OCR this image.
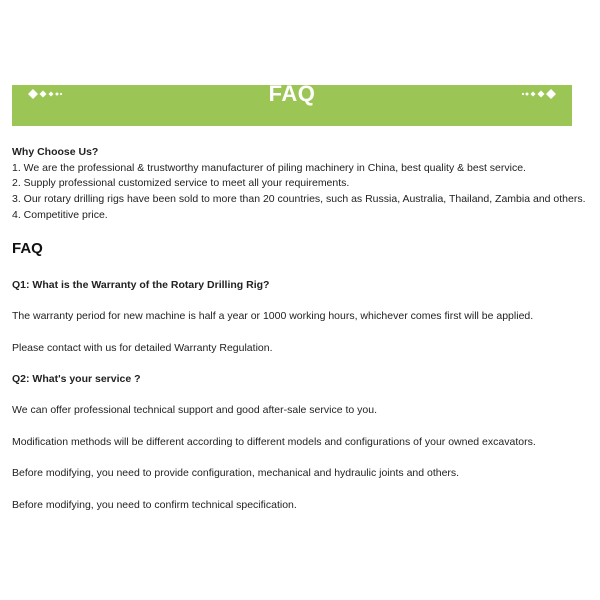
FAQ
Why Choose Us?
1. We are the professional & trustworthy manufacturer of piling machinery in China, best quality & best service.
2. Supply professional customized service to meet all your requirements.
3. Our rotary drilling rigs have been sold to more than 20 countries, such as Russia, Australia, Thailand, Zambia and others.
4. Competitive price.
FAQ
Q1: What is the Warranty of the Rotary Drilling Rig?
The warranty period for new machine is half a year or 1000 working hours, whichever comes first will be applied.
Please contact with us for detailed Warranty Regulation.
Q2: What's your service ?
We can offer professional technical support and good after-sale service to you.
Modification methods will be different according to different models and configurations of your owned excavators.
Before modifying, you need to provide configuration, mechanical and hydraulic joints and others.
Before modifying, you need to confirm technical specification.
